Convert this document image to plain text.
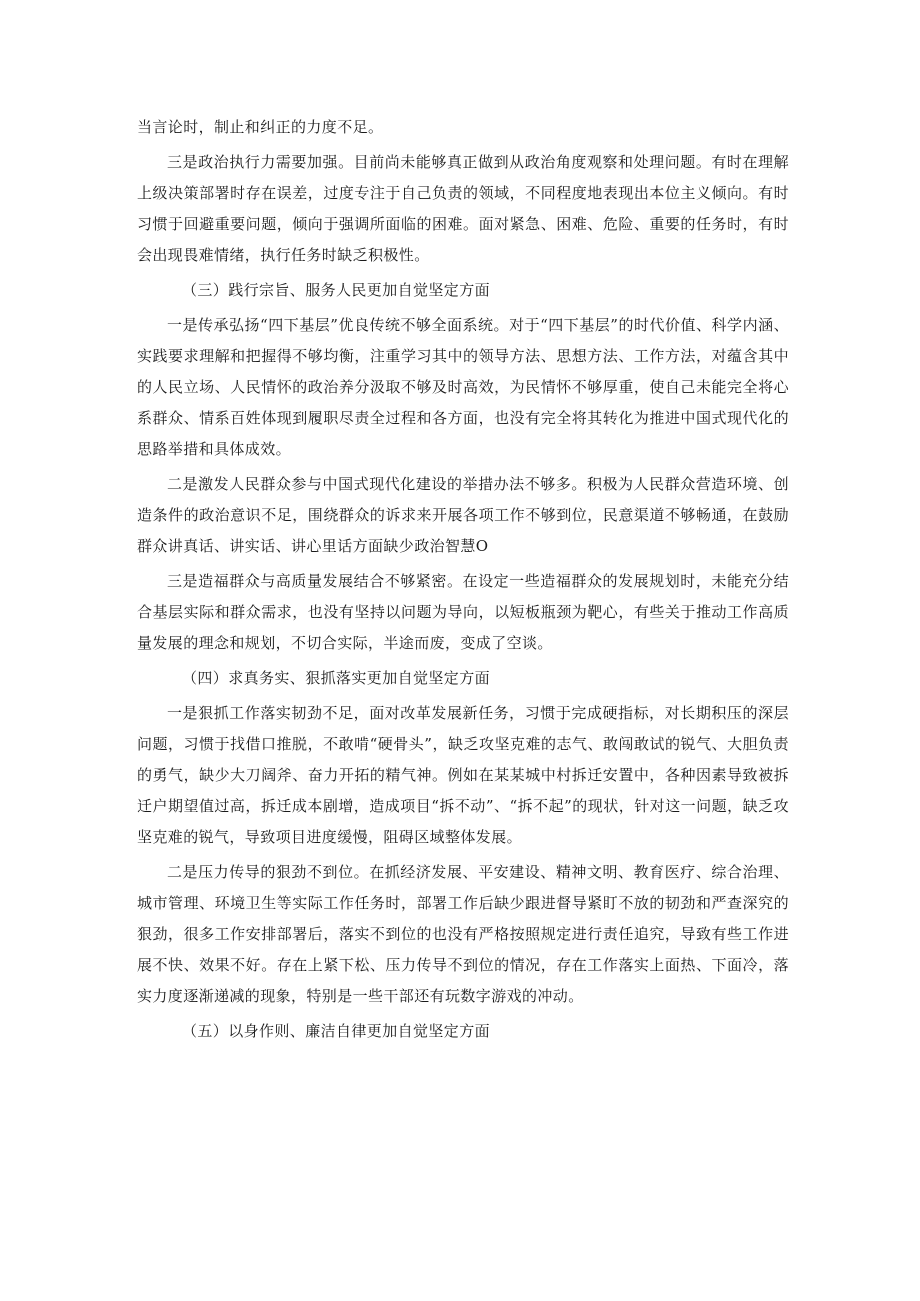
当言论时，制止和纠正的力度不足。

三是政治执行力需要加强。目前尚未能够真正做到从政治角度观察和处理问题。有时在理解上级决策部署时存在误差，过度专注于自己负责的领域，不同程度地表现出本位主义倾向。有时习惯于回避重要问题，倾向于强调所面临的困难。面对紧急、困难、危险、重要的任务时，有时会出现畏难情绪，执行任务时缺乏积极性。

（三）践行宗旨、服务人民更加自觉坚定方面

一是传承弘扬“四下基层”优良传统不够全面系统。对于“四下基层”的时代价值、科学内涵、实践要求理解和把握得不够均衡，注重学习其中的领导方法、思想方法、工作方法，对蕴含其中的人民立场、人民情怀的政治养分汲取不够及时高效，为民情怀不够厚重，使自己未能完全将心系群众、情系百姓体现到履职尽责全过程和各方面，也没有完全将其转化为推进中国式现代化的思路举措和具体成效。

二是激发人民群众参与中国式现代化建设的举措办法不够多。积极为人民群众营造环境、创造条件的政治意识不足，围绕群众的诉求来开展各项工作不够到位，民意渠道不够畅通，在鼓励群众讲真话、讲实话、讲心里话方面缺少政治智慧O

三是造福群众与高质量发展结合不够紧密。在设定一些造福群众的发展规划时，未能充分结合基层实际和群众需求，也没有坚持以问题为导向，以短板瓶颈为靶心，有些关于推动工作高质量发展的理念和规划，不切合实际，半途而废，变成了空谈。

（四）求真务实、狠抓落实更加自觉坚定方面

一是狠抓工作落实韧劲不足，面对改革发展新任务，习惯于完成硬指标，对长期积压的深层问题，习惯于找借口推脱，不敢啃“硬骨头”，缺乏攻坚克难的志气、敢闯敢试的锐气、大胆负责的勇气，缺少大刀阔斧、奋力开拓的精气神。例如在某某城中村拆迁安置中，各种因素导致被拆迁户期望值过高，拆迁成本剧增，造成项目“拆不动”、“拆不起”的现状，针对这一问题，缺乏攻坚克难的锐气，导致项目进度缓慢，阻碍区域整体发展。

二是压力传导的狠劲不到位。在抓经济发展、平安建设、精神文明、教育医疗、综合治理、城市管理、环境卫生等实际工作任务时，部署工作后缺少跟进督导紧盯不放的韧劲和严查深究的狠劲，很多工作安排部署后，落实不到位的也没有严格按照规定进行责任追究，导致有些工作进展不快、效果不好。存在上紧下松、压力传导不到位的情况，存在工作落实上面热、下面冷，落实力度逐渐递减的现象，特别是一些干部还有玩数字游戏的冲动。

（五）以身作则、廉洁自律更加自觉坚定方面
